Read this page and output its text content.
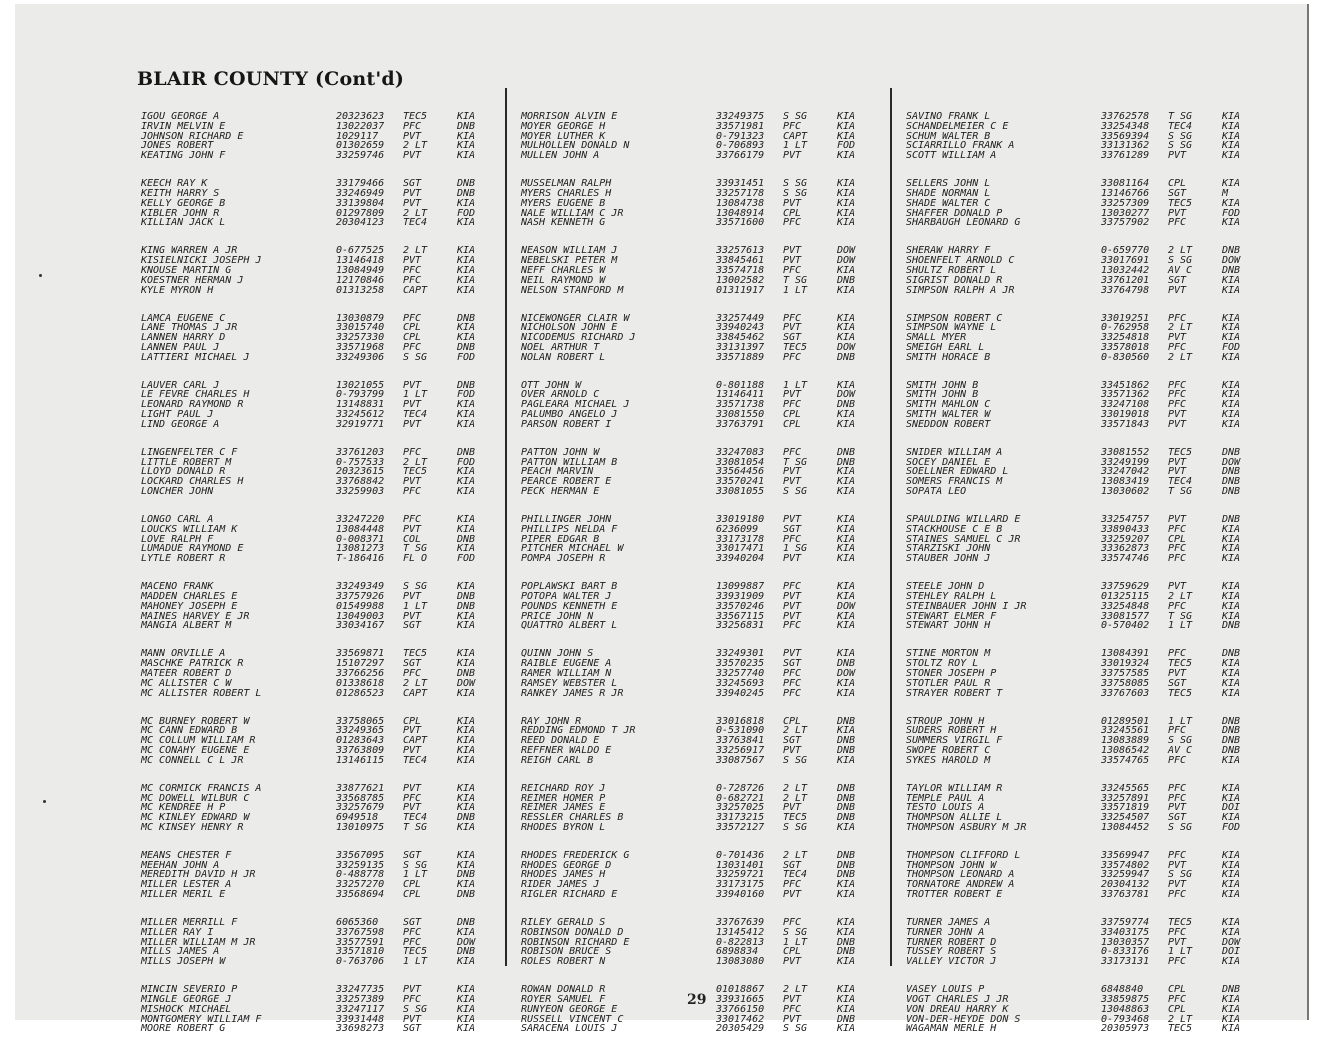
BLAIR COUNTY (Cont'd)
IGOU GEORGE A	20323623 TEC5	KIA
IRVIN MELVIN E	13022037 PFC	DNB
JOHNSON RICHARD E	1029117 PVT	KIA
JONES ROBERT	01302659 2 LT	KIA
KEATING JOHN F	33259746 PVT	KIA
KEECH RAY K	33179466 SGT	DNB
KEITH HARRY S	33246949 PVT	DNB
KELLY GEORGE B	33139804 PVT	KIA
KIBLER JOHN R	01297809 2 LT	FOD
KILLIAN JACK L	20304123 TEC4	KIA
KING WARREN A JR	0-677525 2 LT	KIA
KISIELNICKI JOSEPH J	13146418 PVT	KIA
KNOUSE MARTIN G	13084949 PFC	KIA
KOESTNER HERMAN J	12170846 PFC	KIA
KYLE MYRON H	01313258 CAPT	KIA
LAMCA EUGENE C	13030879 PFC	DNB
LANE THOMAS J JR	33015740 CPL	KIA
LANNEN HARRY D	33257330 CPL	KIA
LANNEN PAUL J	33571968 PFC	DNB
LATTIERI MICHAEL J	33249306 S SG	FOD
LAUVER CARL J	13021055 PVT	DNB
LE FEVRE CHARLES H	0-793799 1 LT	FOD
LEONARD RAYMOND R	13148831 PVT	KIA
LIGHT PAUL J	33245612 TEC4	KIA
LIND GEORGE A	32919771 PVT	KIA
LINGENFELTER C F	33761203 PFC	DNB
LITTLE ROBERT M	0-757533 2 LT	FOD
LLOYD DONALD R	20323615 TEC5	KIA
LOCKARD CHARLES H	33768842 PVT	KIA
LONCHER JOHN	33259903 PFC	KIA
LONGO CARL A	33247220 PFC	KIA
LOUCKS WILLIAM K	13084448 PVT	KIA
LOVE RALPH F	0-008371 COL	DNB
LUMADUE RAYMOND E	13081273 T SG	KIA
LYTLE ROBERT R	T-186416 FL O	FOD
MACENO FRANK	33249349 S SG	KIA
MADDEN CHARLES E	33757926 PVT	DNB
MAHONEY JOSEPH E	01549988 1 LT	DNB
MAINES HARVEY E JR	13049003 PVT	KIA
MANGIA ALBERT M	33034167 SGT	KIA
MANN ORVILLE A	33569871 TEC5	KIA
MASCHKE PATRICK R	15107297 SGT	KIA
MATEER ROBERT D	33766256 PFC	DNB
MC ALLISTER C W	01338618 2 LT	DOW
MC ALLISTER ROBERT L	01286523 CAPT	KIA
MC BURNEY ROBERT W	33758065 CPL	KIA
MC CANN EDWARD B	33249365 PVT	KIA
MC COLLUM WILLIAM R	01283643 CAPT	KIA
MC CONAHY EUGENE E	33763809 PVT	KIA
MC CONNELL C L JR	13146115 TEC4	KIA
MC CORMICK FRANCIS A	33877621 PVT	KIA
MC DOWELL WILBUR C	33568785 PFC	KIA
MC KENDREE H P	33257679 PVT	KIA
MC KINLEY EDWARD W	6949518 TEC4	DNB
MC KINSEY HENRY R	13010975 T SG	KIA
MEANS CHESTER F	33567095 SGT	KIA
MEEHAN JOHN A	33259135 S SG	KIA
MEREDITH DAVID H JR	0-488778 1 LT	DNB
MILLER LESTER A	33257270 CPL	KIA
MILLER MERIL E	33568694 CPL	DNB
MILLER MERRILL F	6065360 SGT	DNB
MILLER RAY I	33767598 PFC	KIA
MILLER WILLIAM M JR	33577591 PFC	DOW
MILLS JAMES A	33571810 TEC5	DNB
MILLS JOSEPH W	0-763706 1 LT	KIA
MINCIN SEVERIO P	33247735 PVT	KIA
MINGLE GEORGE J	33257389 PFC	KIA
MISHOCK MICHAEL	33247117 S SG	KIA
MONTGOMERY WILLIAM F	33931448 PVT	KIA
MOORE ROBERT G	33698273 SGT	KIA
MORRISON ALVIN E	33249375 S SG	KIA
MOYER GEORGE H	33571981 PFC	KIA
MOYER LUTHER K	0-791323 CAPT	KIA
MULHOLLEN DONALD N	0-706893 1 LT	FOD
MULLEN JOHN A	33766179 PVT	KIA
MUSSELMAN RALPH	33931451 S SG	KIA
MYERS CHARLES H	33257178 S SG	KIA
MYERS EUGENE B	13084738 PVT	KIA
NALE WILLIAM C JR	13048914 CPL	KIA
NASH KENNETH G	33571600 PFC	KIA
NEASON WILLIAM J	33257613 PVT	DOW
NEBELSKI PETER M	33845461 PVT	DOW
NEFF CHARLES W	33574718 PFC	KIA
NEIL RAYMOND W	13002582 T SG	DNB
NELSON STANFORD M	01311917 1 LT	KIA
NICEWONGER CLAIR W	33257449 PFC	KIA
NICHOLSON JOHN E	33940243 PVT	KIA
NICODEMUS RICHARD J	33845462 SGT	KIA
NOEL ARTHUR T	33131397 TEC5	DOW
NOLAN ROBERT L	33571889 PFC	DNB
OTT JOHN W	0-801188 1 LT	KIA
OVER ARNOLD C	13146411 PVT	DOW
PAGLEARA MICHAEL J	33571738 PFC	DNB
PALUMBO ANGELO J	33081550 CPL	KIA
PARSON ROBERT I	33763791 CPL	KIA
PATTON JOHN W	33247083 PFC	DNB
PATTON WILLIAM B	33081054 T SG	DNB
PEACH MARVIN	33564456 PVT	KIA
PEARCE ROBERT E	33570241 PVT	KIA
PECK HERMAN E	33081055 S SG	KIA
PHILLINGER JOHN	33019180 PVT	KIA
PHILLIPS NELDA F	6236099 SGT	KIA
PIPER EDGAR B	33173178 PFC	KIA
PITCHER MICHAEL W	33017471 1 SG	KIA
POMPA JOSEPH R	33940204 PVT	KIA
POPLAWSKI BART B	13099887 PFC	KIA
POTOPA WALTER J	33931909 PVT	KIA
POUNDS KENNETH E	33570246 PVT	DOW
PRICE JOHN N	33567115 PVT	KIA
QUATTRO ALBERT L	33256831 PFC	KIA
QUINN JOHN S	33249301 PVT	KIA
RAIBLE EUGENE A	33570235 SGT	DNB
RAMER WILLIAM N	33257740 PFC	DOW
RAMSEY WEBSTER L	33245693 PFC	KIA
RANKEY JAMES R JR	33940245 PFC	KIA
RAY JOHN R	33016818 CPL	DNB
REDDING EDMOND T JR	0-531090 2 LT	KIA
REED DONALD E	33763841 SGT	DNB
REFFNER WALDO E	33256917 PVT	DNB
REIGH CARL B	33087567 S SG	KIA
REICHARD ROY J	0-728726 2 LT	DNB
REIMER HOMER P	0-682721 2 LT	DNB
REIMER JAMES E	33257025 PVT	DNB
RESSLER CHARLES B	33173215 TEC5	DNB
RHODES BYRON L	33572127 S SG	KIA
RHODES FREDERICK G	0-701436 2 LT	DNB
RHODES GEORGE D	13031401 SGT	DNB
RHODES JAMES H	33259721 TEC4	DNB
RIDER JAMES J	33173175 PFC	KIA
RIGLER RICHARD E	33940160 PVT	KIA
RILEY GERALD S	33767639 PFC	KIA
ROBINSON DONALD D	13145412 S SG	KIA
ROBINSON RICHARD E	0-822813 1 LT	DNB
ROBISON BRUCE S	6898834 CPL	DNB
ROLES ROBERT N	13083080 PVT	KIA
ROWAN DONALD R	01018867 2 LT	KIA
ROYER SAMUEL F	33931665 PVT	KIA
RUNYEON GEORGE E	33766150 PFC	KIA
RUSSELL VINCENT C	33017462 PVT	DNB
SARACENA LOUIS J	20305429 S SG	KIA
SAVINO FRANK L	33762578 T SG	KIA
SCHANDELMEIER C E	33254348 TEC4	KIA
SCHUM WALTER B	33569394 S SG	KIA
SCIARRILLO FRANK A	33131362 S SG	KIA
SCOTT WILLIAM A	33761289 PVT	KIA
SELLERS JOHN L	33081164 CPL	KIA
SHADE NORMAN L	13146766 SGT	M
SHADE WALTER C	33257309 TEC5	KIA
SHAFFER DONALD P	13030277 PVT	FOD
SHARBAUGH LEONARD G	33757902 PFC	KIA
SHERAW HARRY F	0-659770 2 LT	DNB
SHOENFELT ARNOLD C	33017691 S SG	DOW
SHULTZ ROBERT L	13032442 AV C	DNB
SIGRIST DONALD R	33761201 SGT	KIA
SIMPSON RALPH A JR	33764798 PVT	KIA
SIMPSON ROBERT C	33019251 PFC	KIA
SIMPSON WAYNE L	0-762958 2 LT	KIA
SMALL MYER	33254818 PVT	KIA
SMEIGH EARL L	33578018 PFC	FOD
SMITH HORACE B	0-830560 2 LT	KIA
SMITH JOHN B	33451862 PFC	KIA
SMITH JOHN B	33571362 PFC	KIA
SMITH MAHLON C	33247108 PFC	KIA
SMITH WALTER W	33019018 PVT	KIA
SNEDDON ROBERT	33571843 PVT	KIA
SNIDER WILLIAM A	33081552 TEC5	DNB
SOCEY DANIEL E	33249199 PVT	DOW
SOELLNER EDWARD L	33247042 PVT	DNB
SOMERS FRANCIS M	13083419 TEC4	DNB
SOPATA LEO	13030602 T SG	DNB
SPAULDING WILLARD E	33254757 PVT	DNB
STACKHOUSE C E B	33890433 PFC	KIA
STAINES SAMUEL C JR	33259207 CPL	KIA
STARZISKI JOHN	33362873 PFC	KIA
STAUBER JOHN J	33574746 PFC	KIA
STEELE JOHN D	33759629 PVT	KIA
STEHLEY RALPH L	01325115 2 LT	KIA
STEINBAUER JOHN I JR	33254848 PFC	KIA
STEWART ELMER F	33081577 T SG	KIA
STEWART JOHN H	0-570402 1 LT	DNB
STINE MORTON M	13084391 PFC	DNB
STOLTZ ROY L	33019324 TEC5	KIA
STONER JOSEPH P	33757585 PVT	KIA
STOTLER PAUL R	33758085 SGT	KIA
STRAYER ROBERT T	33767603 TEC5	KIA
STROUP JOHN H	01289501 1 LT	DNB
SUDERS ROBERT H	33245561 PFC	DNB
SUMMERS VIRGIL F	13083889 S SG	DNB
SWOPE ROBERT C	13086542 AV C	DNB
SYKES HAROLD M	33574765 PFC	KIA
TAYLOR WILLIAM R	33245565 PFC	KIA
TEMPLE PAUL A	33257891 PFC	KIA
TESTO LOUIS A	33571819 PVT	DOI
THOMPSON ALLIE L	33254507 SGT	KIA
THOMPSON ASBURY M JR	13084452 S SG	FOD
THOMPSON CLIFFORD L	33569947 PFC	KIA
THOMPSON JOHN W	33574802 PVT	KIA
THOMPSON LEONARD A	33259947 S SG	KIA
TORNATORE ANDREW A	20304132 PVT	KIA
TROTTER ROBERT E	33763781 PFC	KIA
TURNER JAMES A	33759774 TEC5	KIA
TURNER JOHN A	33403175 PFC	KIA
TURNER ROBERT D	13030357 PVT	DOW
TUSSEY ROBERT S	0-833176 1 LT	DOI
VALLEY VICTOR J	33173131 PFC	KIA
VASEY LOUIS P	6848840 CPL	DNB
VOGT CHARLES J JR	33859875 PFC	KIA
VON DREAU HARRY K	13048863 CPL	KIA
VON-DER-HEYDE DON S	0-793468 2 LT	KIA
WAGAMAN MERLE H	20305973 TEC5	KIA
29
